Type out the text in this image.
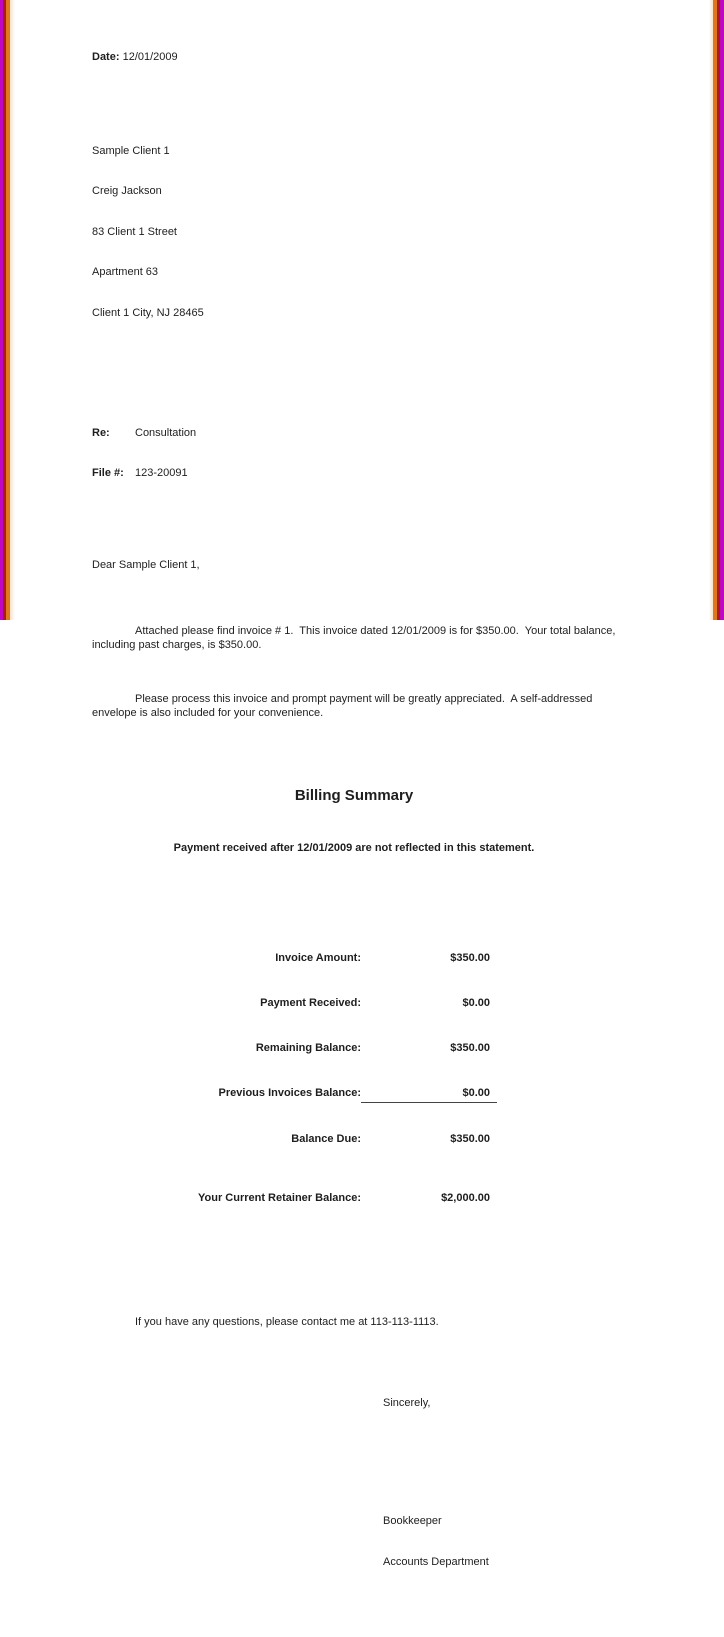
Date: 12/01/2009

Sample Client 1

Creig Jackson

83 Client 1 Street

Apartment 63

Client 1 City, NJ 28465

Re:	Consultation

File #:	123-20091

Dear Sample Client 1,

Attached please find invoice # 1.  This invoice dated 12/01/2009 is for $350.00.  Your total balance, including past charges, is $350.00.

Please process this invoice and prompt payment will be greatly appreciated.  A self-addressed envelope is also included for your convenience.

Billing Summary

Payment received after 12/01/2009 are not reflected in this statement.

Invoice Amount:	$350.00

Payment Received:	$0.00

Remaining Balance:	$350.00

Previous Invoices Balance:	$0.00

Balance Due:	$350.00

Your Current Retainer Balance:	$2,000.00

If you have any questions, please contact me at 113-113-1113.

Sincerely,

Bookkeeper

Accounts Department
